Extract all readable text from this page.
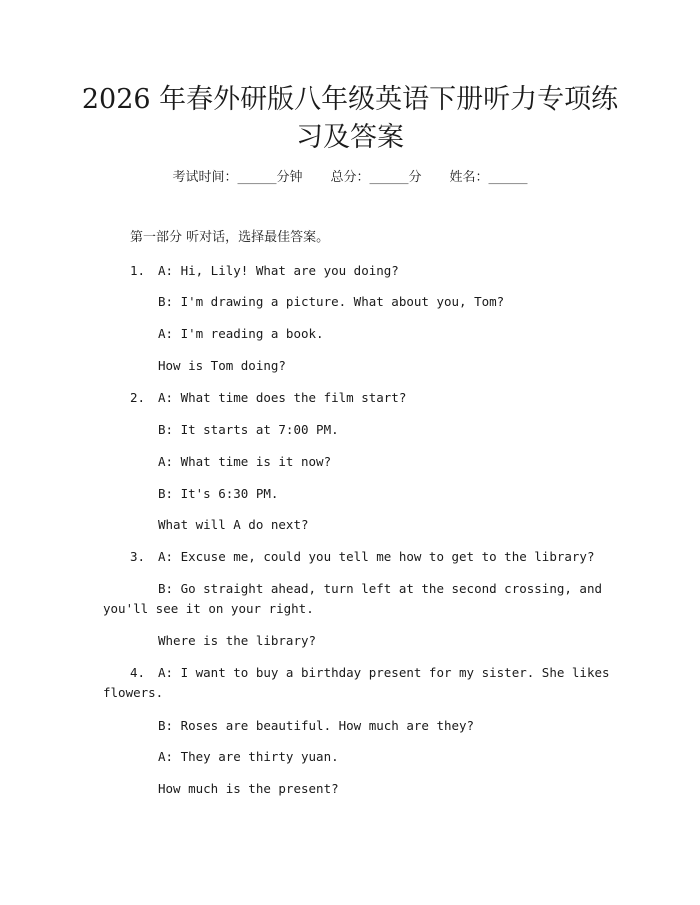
2026 年春外研版八年级英语下册听力专项练
习及答案
考试时间：______分钟 总分：______分 姓名：______
第一部分 听对话，选择最佳答案。
1. A: Hi, Lily! What are you doing?
B: I'm drawing a picture. What about you, Tom?
A: I'm reading a book.
How is Tom doing?
2. A: What time does the film start?
B: It starts at 7:00 PM.
A: What time is it now?
B: It's 6:30 PM.
What will A do next?
3. A: Excuse me, could you tell me how to get to the library?
B: Go straight ahead, turn left at the second crossing, and
you'll see it on your right.
Where is the library?
4. A: I want to buy a birthday present for my sister. She likes
flowers.
B: Roses are beautiful. How much are they?
A: They are thirty yuan.
How much is the present?
